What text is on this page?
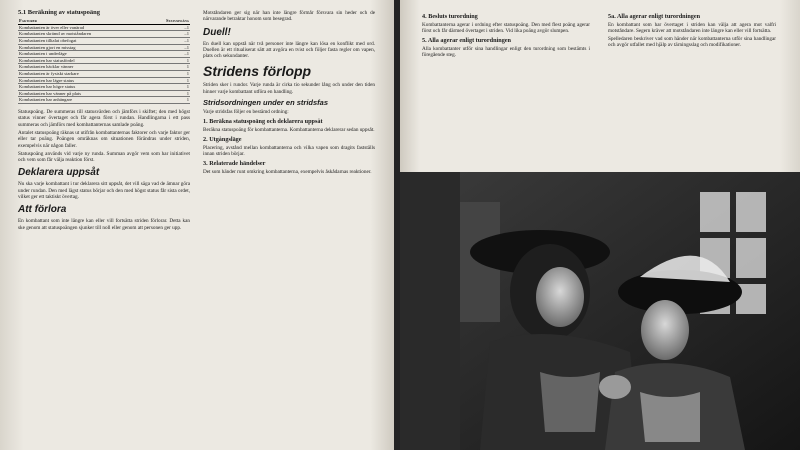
5.1 Beräkning av statuspoäng
Faktorer	Statuspoäng
Kombattanten är över eller vanärad	–1
Kombattanten skrämd av motståndaren	–1
Kombattanten tilltalat obefogat	–1
Kombattanten gjort en misstag	–1
Kombattanten i underläge	–1
Kombattanten har statusfördel	1
Kombattanten häcklar vänner	1
Kombattanten är fysiskt starkare	1
Kombattanten har lägre status	1
Kombattanten har högre status	1
Kombattanten har vänner på plats	1
Kombattanten har anhängare	1

Statuspoäng. De summeras till statusvärden och jämförs i skiftet; den med högst status vinner övertaget och får agera först i rundan. Handlingarna i ett pass summeras och jämförs med kombattanternas samlade poäng.

Antalet statuspoäng räknas ut utifrån kombattanternas faktorer och varje faktor ger eller tar poäng. Poängen omräknas om situationen förändras under striden, exempelvis när någon faller.

Statuspoäng används vid varje ny runda. Summan avgör vem som har initiativet och vem som får välja reaktion först.

Deklarera uppsåt

Nu ska varje kombattant i tur deklarera sitt uppsåt, det vill säga vad de ämnar göra under rundan. Den med lägst status börjar och den med högst status får sista ordet, vilket ger ett taktiskt övertag.

Att förlora

En kombattant som inte längre kan eller vill fortsätta striden förlorar. Detta kan ske genom att statuspoängen sjunker till noll eller genom att personen ger upp.

Motståndaren ger sig när han inte längre förmår försvara sin heder och de närvarande betraktar honom som besegrad.

Duell!

En duell kan uppstå när två personer inte längre kan lösa en konflikt med ord. Duellen är ett ritualiserat sätt att avgöra en tvist och följer fasta regler om vapen, plats och sekundanter.

Stridens förlopp

Striden sker i rundor. Varje runda är cirka tio sekunder lång och under den tiden hinner varje kombattant utföra en handling.

Stridsordningen under en stridsfas

Varje stridsfas följer en bestämd ordning:

1. Beräkna statuspoäng och deklarera uppsåt

Beräkna statuspoäng för kombattanterna. Kombattanterna deklarerar sedan uppsåt.

2. Utgångsläge

Placering, avstånd mellan kombattanterna och vilka vapen som dragits fastställs innan striden börjar.

3. Relaterade händelser

Det som händer runt omkring kombattanterna, exempelvis åskådarnas reaktioner.

4. Besluts turordning

Kombattanterna agerar i ordning efter statuspoäng. Den med flest poäng agerar först och får därmed övertaget i striden. Vid lika poäng avgör slumpen.

5. Alla agerar enligt turordningen

Alla kombattanter utför sina handlingar enligt den turordning som bestämts i föregående steg.

5a. Alla agerar enligt turordningen

En kombattant som har övertaget i striden kan välja att agera mot valfri motståndare. Segern kräver att motståndaren inte längre kan eller vill fortsätta.

Spelledaren beskriver vad som händer när kombattanterna utför sina handlingar och avgör utfallet med hjälp av tärningsslag och modifikationer.
